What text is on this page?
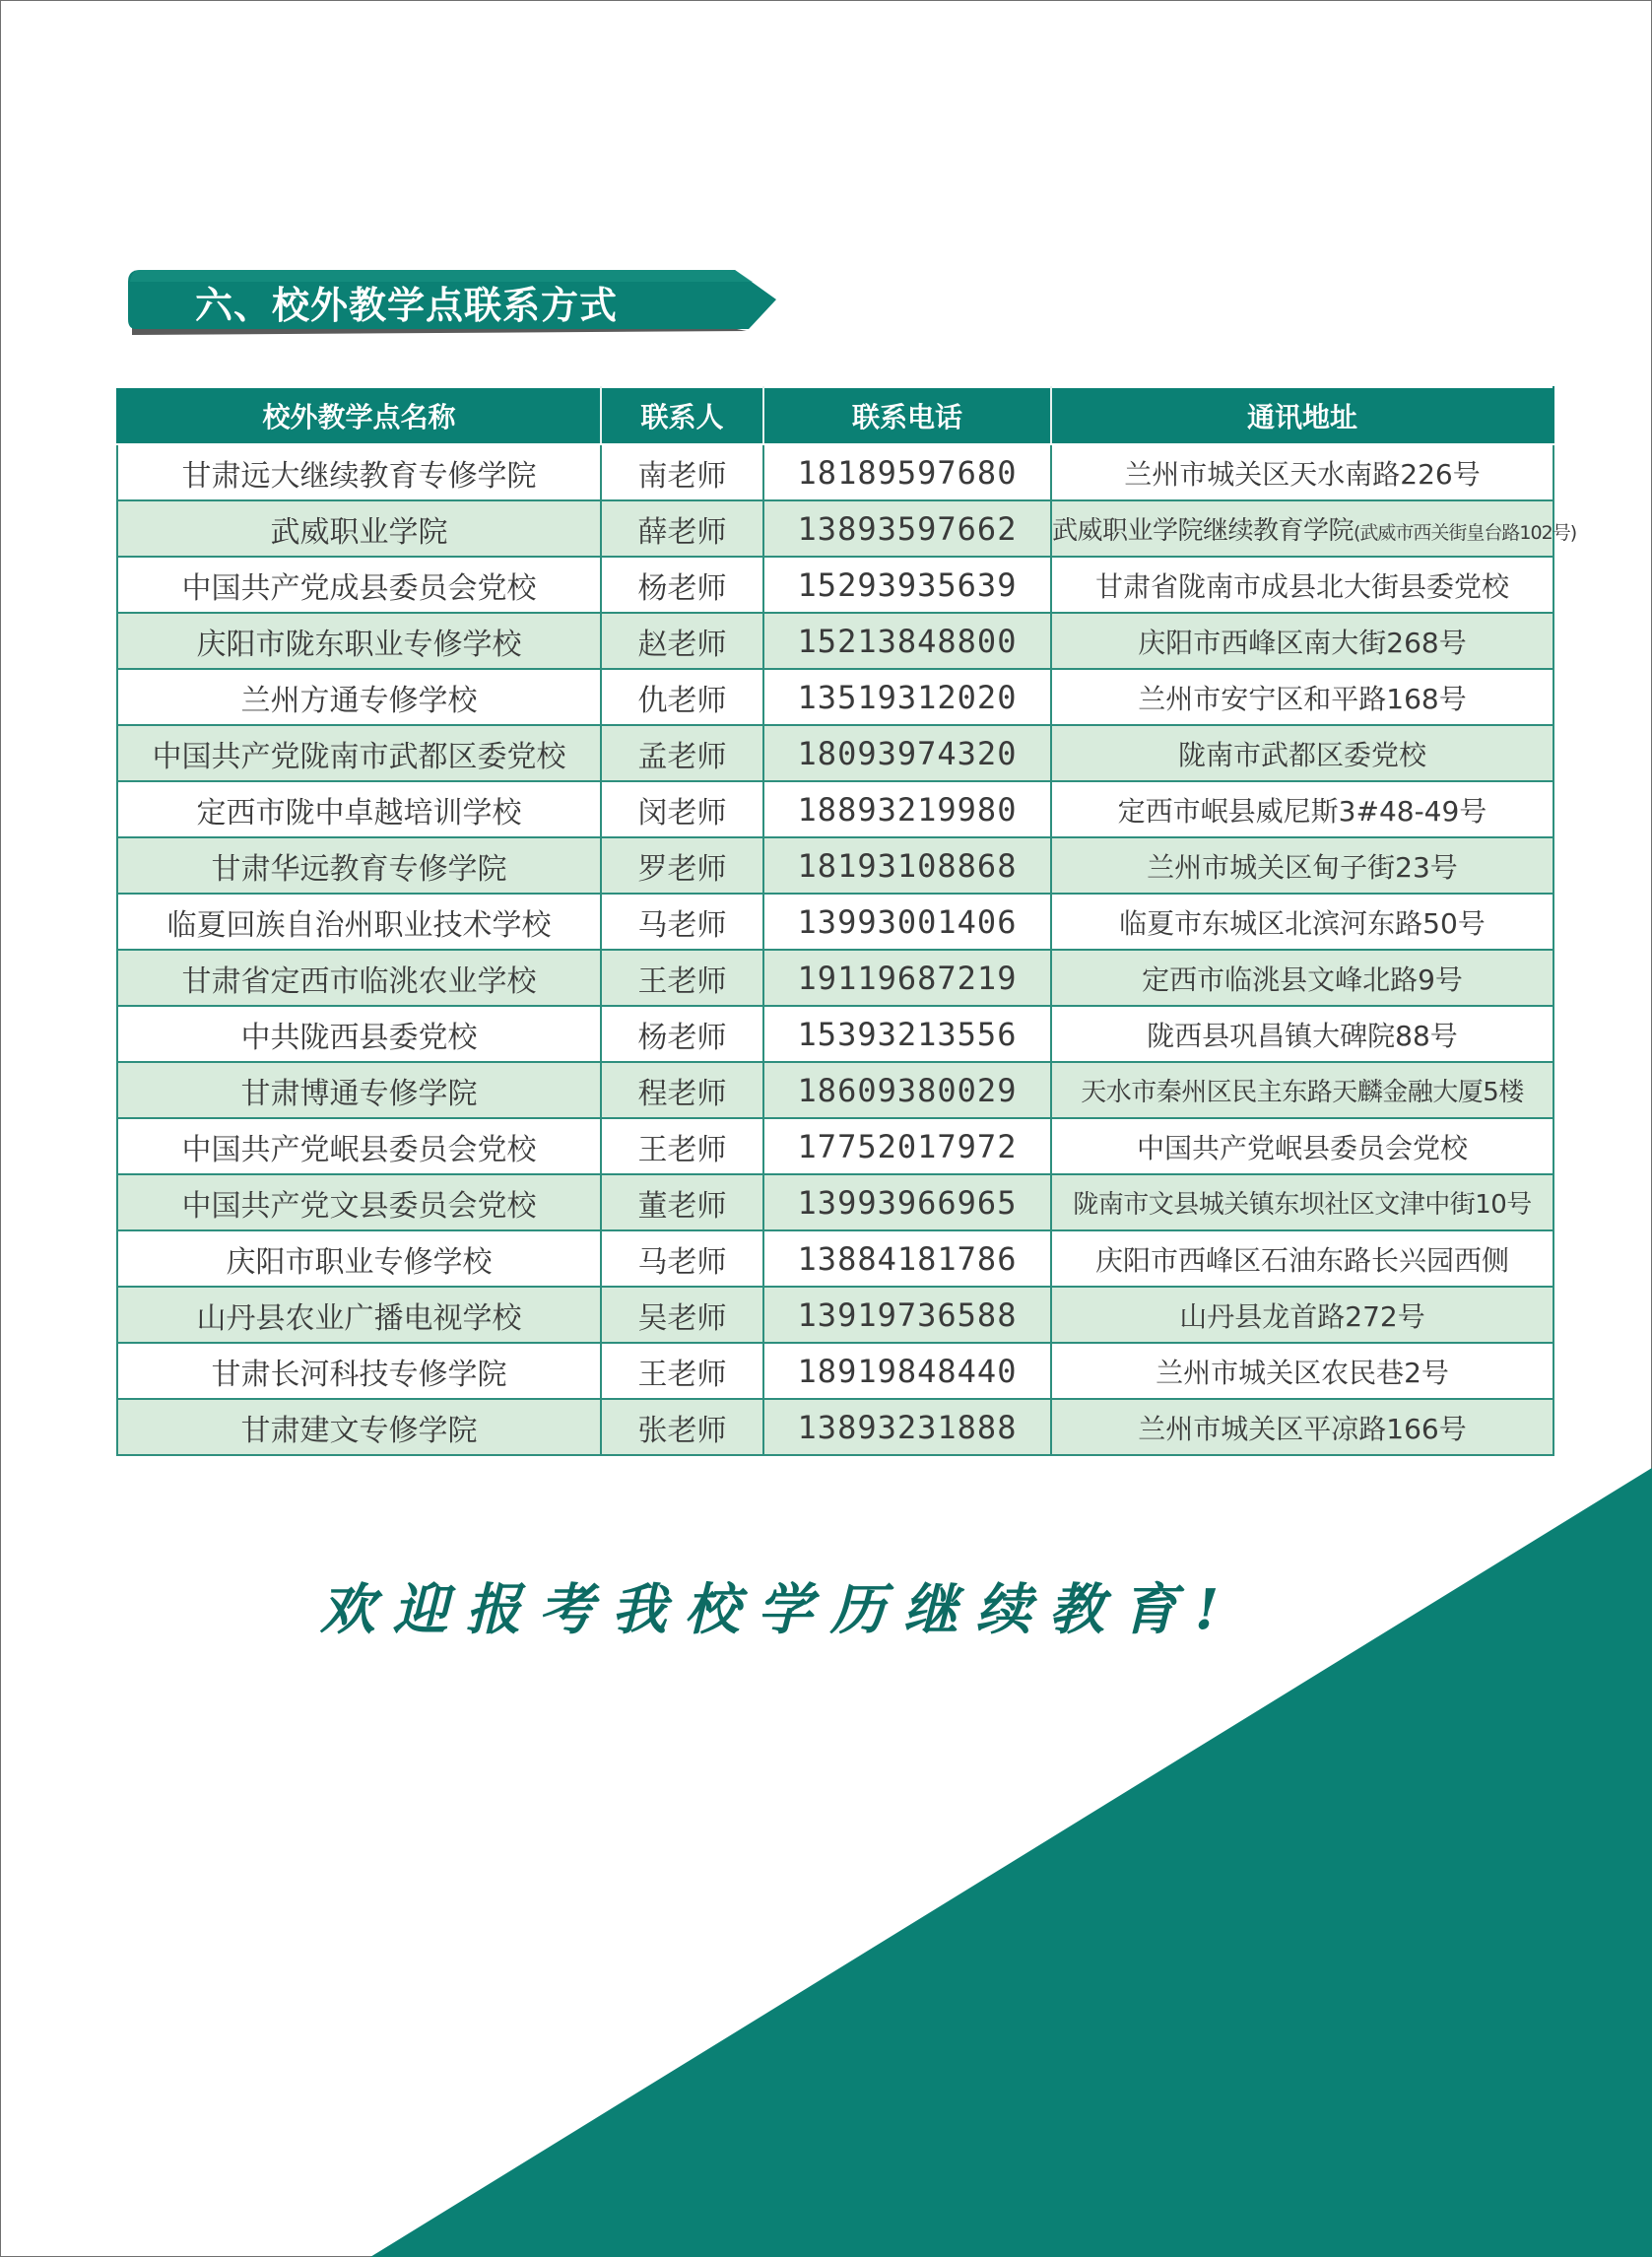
六、校外教学点联系方式
校外教学点名称	联系人	联系电话	通讯地址
甘肃远大继续教育专修学院	南老师	18189597680	兰州市城关区天水南路226号
武威职业学院	薛老师	13893597662	武威职业学院继续教育学院(武威市西关街皇台路102号)
中国共产党成县委员会党校	杨老师	15293935639	甘肃省陇南市成县北大街县委党校
庆阳市陇东职业专修学校	赵老师	15213848800	庆阳市西峰区南大街268号
兰州方通专修学校	仇老师	13519312020	兰州市安宁区和平路168号
中国共产党陇南市武都区委党校	孟老师	18093974320	陇南市武都区委党校
定西市陇中卓越培训学校	闵老师	18893219980	定西市岷县威尼斯3#48-49号
甘肃华远教育专修学院	罗老师	18193108868	兰州市城关区甸子街23号
临夏回族自治州职业技术学校	马老师	13993001406	临夏市东城区北滨河东路50号
甘肃省定西市临洮农业学校	王老师	19119687219	定西市临洮县文峰北路9号
中共陇西县委党校	杨老师	15393213556	陇西县巩昌镇大碑院88号
甘肃博通专修学院	程老师	18609380029	天水市秦州区民主东路天麟金融大厦5楼
中国共产党岷县委员会党校	王老师	17752017972	中国共产党岷县委员会党校
中国共产党文县委员会党校	董老师	13993966965	陇南市文县城关镇东坝社区文津中街10号
庆阳市职业专修学校	马老师	13884181786	庆阳市西峰区石油东路长兴园西侧
山丹县农业广播电视学校	吴老师	13919736588	山丹县龙首路272号
甘肃长河科技专修学院	王老师	18919848440	兰州市城关区农民巷2号
甘肃建文专修学院	张老师	13893231888	兰州市城关区平凉路166号
欢迎报考我校学历继续教育!
